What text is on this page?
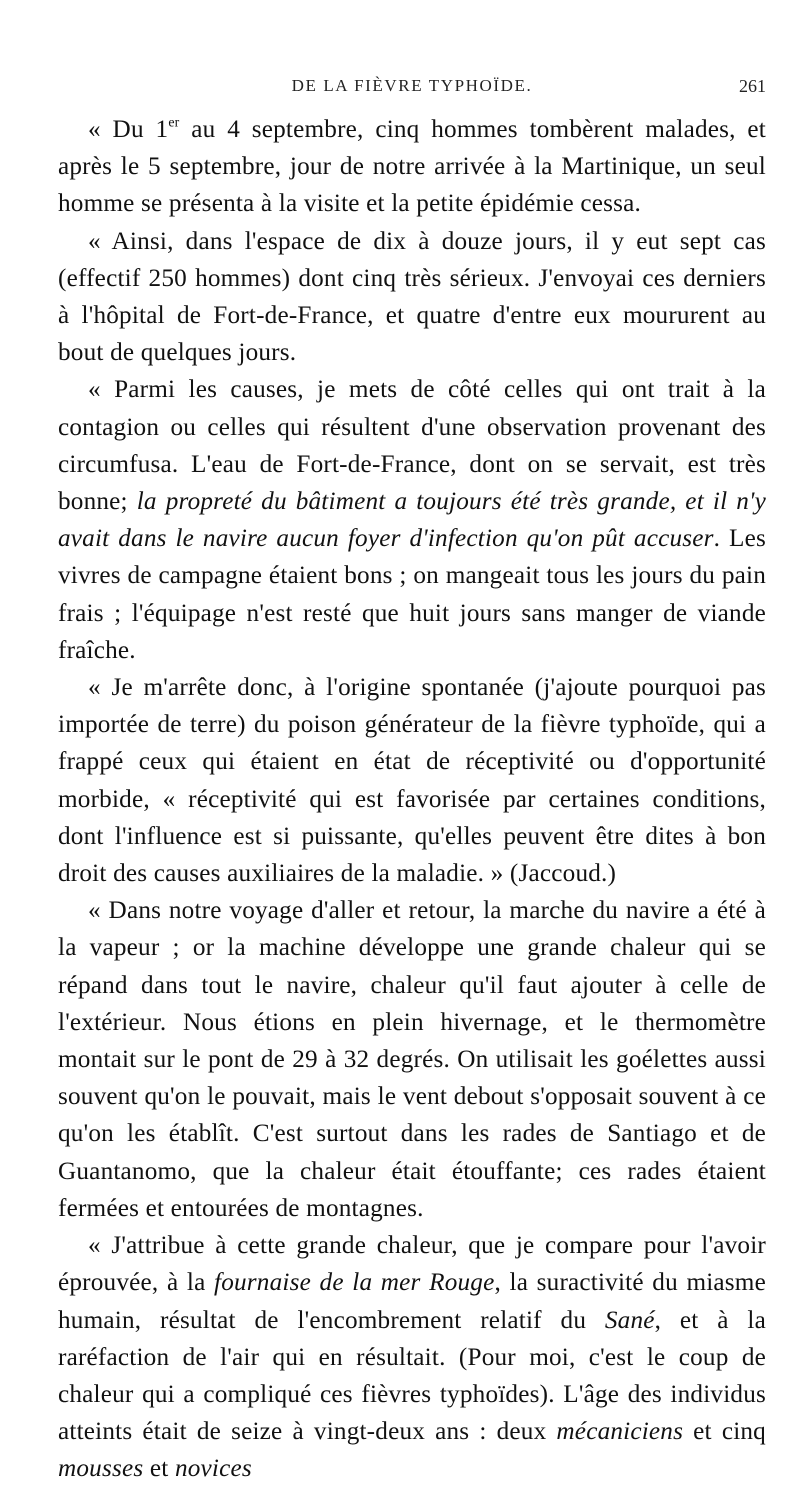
DE LA FIÈVRE TYPHOÏDE.	261

« Du 1er au 4 septembre, cinq hommes tombèrent malades, et après le 5 septembre, jour de notre arrivée à la Martinique, un seul homme se présenta à la visite et la petite épidémie cessa.

« Ainsi, dans l'espace de dix à douze jours, il y eut sept cas (effectif 250 hommes) dont cinq très sérieux. J'envoyai ces derniers à l'hôpital de Fort-de-France, et quatre d'entre eux moururent au bout de quelques jours.

« Parmi les causes, je mets de côté celles qui ont trait à la contagion ou celles qui résultent d'une observation provenant des circumfusa. L'eau de Fort-de-France, dont on se servait, est très bonne; la propreté du bâtiment a toujours été très grande, et il n'y avait dans le navire aucun foyer d'infection qu'on pût accuser. Les vivres de campagne étaient bons ; on mangeait tous les jours du pain frais ; l'équipage n'est resté que huit jours sans manger de viande fraîche.

« Je m'arrête donc, à l'origine spontanée (j'ajoute pourquoi pas importée de terre) du poison générateur de la fièvre typhoïde, qui a frappé ceux qui étaient en état de réceptivité ou d'opportunité morbide, « réceptivité qui est favorisée par certaines conditions, dont l'influence est si puissante, qu'elles peuvent être dites à bon droit des causes auxiliaires de la maladie. » (Jaccoud.)

« Dans notre voyage d'aller et retour, la marche du navire a été à la vapeur ; or la machine développe une grande chaleur qui se répand dans tout le navire, chaleur qu'il faut ajouter à celle de l'extérieur. Nous étions en plein hivernage, et le thermomètre montait sur le pont de 29 à 32 degrés. On utilisait les goélettes aussi souvent qu'on le pouvait, mais le vent debout s'opposait souvent à ce qu'on les établît. C'est surtout dans les rades de Santiago et de Guantanomo, que la chaleur était étouffante; ces rades étaient fermées et entourées de montagnes.

« J'attribue à cette grande chaleur, que je compare pour l'avoir éprouvée, à la fournaise de la mer Rouge, la suractivité du miasme humain, résultat de l'encombrement relatif du Sané, et à la raréfaction de l'air qui en résultait. (Pour moi, c'est le coup de chaleur qui a compliqué ces fièvres typhoïdes). L'âge des individus atteints était de seize à vingt-deux ans : deux mécaniciens et cinq mousses et novices
